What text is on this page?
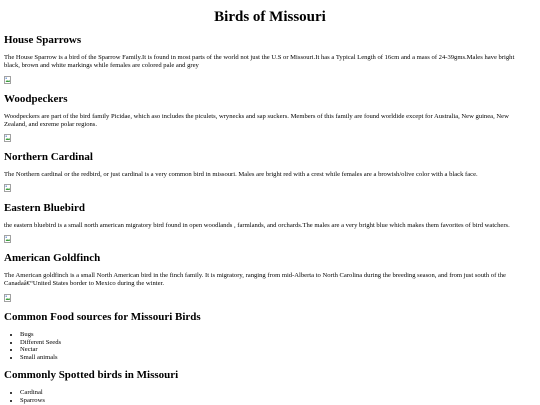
Birds of Missouri
House Sparrows

The House Sparrow is a bird of the Sparrow Family.It is found in most parts of the world not just the U.S or Missouri.It has a Typical Length of 16cm and a mass of 24-39gms.Males have bright black, brown and white markings while females are colored pale and grey

Woodpeckers

Woodpeckers are part of the bird family Picidae, which aso includes the piculets, wrynecks and sap suckers. Members of this family are found worldide except for Australia, New guinea, New Zealand, and exreme polar regions.

Northern Cardinal

The Northern cardinal or the redbird, or just cardinal is a very common bird in missouri. Males are bright red with a crest while females are a browish/olive color with a black face.

Eastern Bluebird

the eastern bluebird is a small north american migratory bird found in open woodlands , farmlands, and orchards.The males are a very bright blue which makes them favorites of bird watchers.

American Goldfinch

The American goldfinch is a small North American bird in the finch family. It is migratory, ranging from mid-Alberta to North Carolina during the breeding season, and from just south of the Canadaâ€“United States border to Mexico during the winter.

Common Food sources for Missouri Birds
• Bugs
• Different Seeds
• Nectar
• Small animals
Commonly Spotted birds in Missouri
• Cardinal
• Sparrows
